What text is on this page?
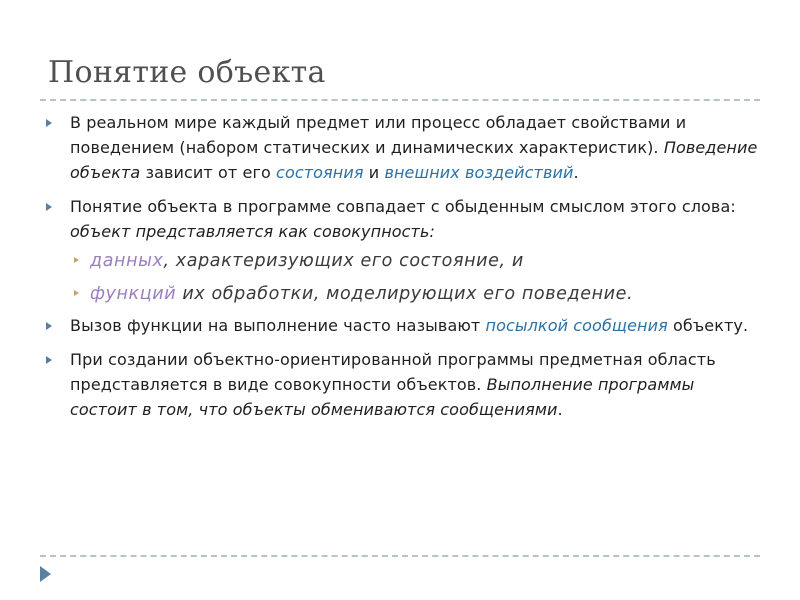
Понятие объекта
В реальном мире каждый предмет или процесс обладает свойствами и поведением (набором статических и динамических характеристик). Поведение объекта зависит от его состояния и внешних воздействий.
Понятие объекта в программе совпадает с обыденным смыслом этого слова: объект представляется как совокупность:
данных, характеризующих его состояние, и
функций их обработки, моделирующих его поведение.
Вызов функции на выполнение часто называют посылкой сообщения объекту.
При создании объектно-ориентированной программы предметная область представляется в виде совокупности объектов. Выполнение программы состоит в том, что объекты обмениваются сообщениями.
